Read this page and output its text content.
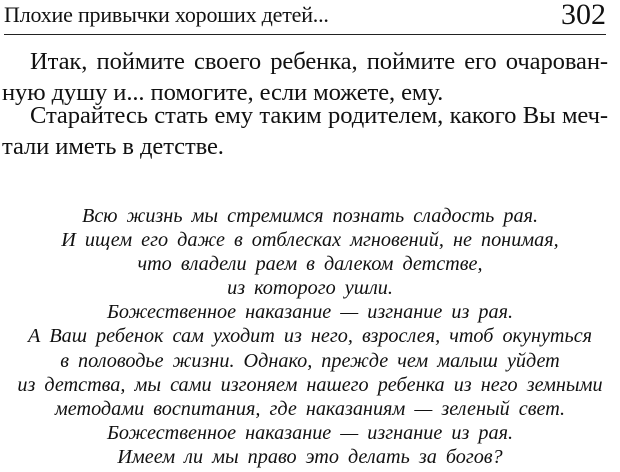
Плохие привычки хороших детей...	302

Итак, поймите своего ребенка, поймите его очарован-
ную душу и... помогите, если можете, ему.

Старайтесь стать ему таким родителем, какого Вы меч-
тали иметь в детстве.

Всю жизнь мы стремимся познать сладость рая.
И ищем его даже в отблесках мгновений, не понимая,
что владели раем в далеком детстве,
из которого ушли.
Божественное наказание — изгнание из рая.
А Ваш ребенок сам уходит из него, взрослея, чтоб окунуться
в половодье жизни. Однако, прежде чем малыш уйдет
из детства, мы сами изгоняем нашего ребенка из него земными
методами воспитания, где наказаниям — зеленый свет.
Божественное наказание — изгнание из рая.
Имеем ли мы право это делать за богов?
